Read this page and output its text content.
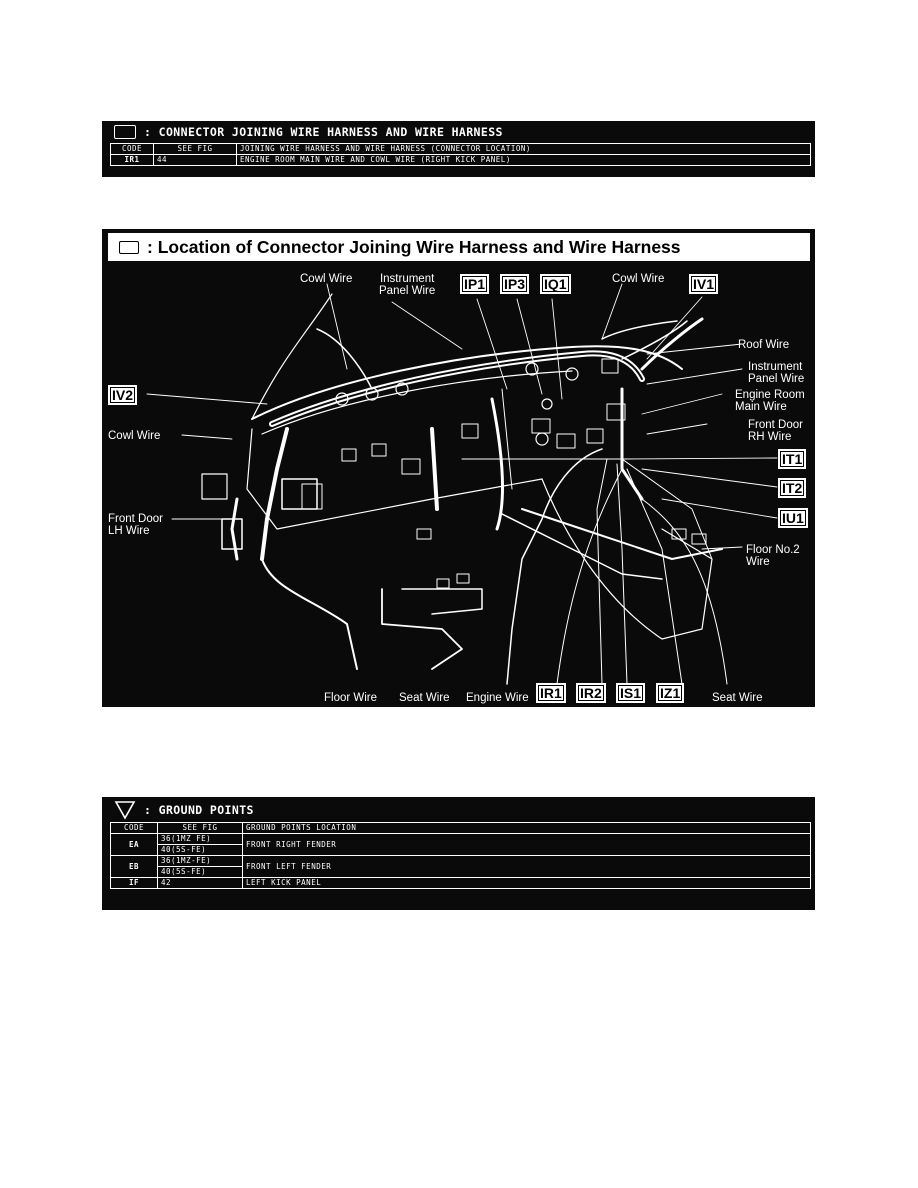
: CONNECTOR JOINING WIRE HARNESS AND WIRE HARNESS
CODE	SEE FIG	JOINING WIRE HARNESS AND WIRE HARNESS (CONNECTOR LOCATION)
IR1	44	ENGINE ROOM MAIN WIRE AND COWL WIRE (RIGHT KICK PANEL)
: Location of Connector Joining Wire Harness and Wire Harness
Cowl Wire Instrument
Panel Wire
Cowl Wire
Roof Wire
Instrument
Panel Wire
Engine Room
Main Wire
Front Door
RH Wire
Cowl Wire
Front Door
LH Wire
Floor No.2
Wire
Floor Wire Seat Wire Engine Wire	Seat Wire
IP1 IP3 IQ1	IV1
IV2
IT1
IT2
IU1
IR1 IR2 IS1 IZ1
: GROUND POINTS
CODE	SEE FIG	GROUND POINTS LOCATION
EA	36(1MZ FE)	FRONT RIGHT FENDER
	40(5S-FE)	
EB	36(1MZ-FE)	FRONT LEFT FENDER
	40(5S-FE)	
IF	42	LEFT KICK PANEL
